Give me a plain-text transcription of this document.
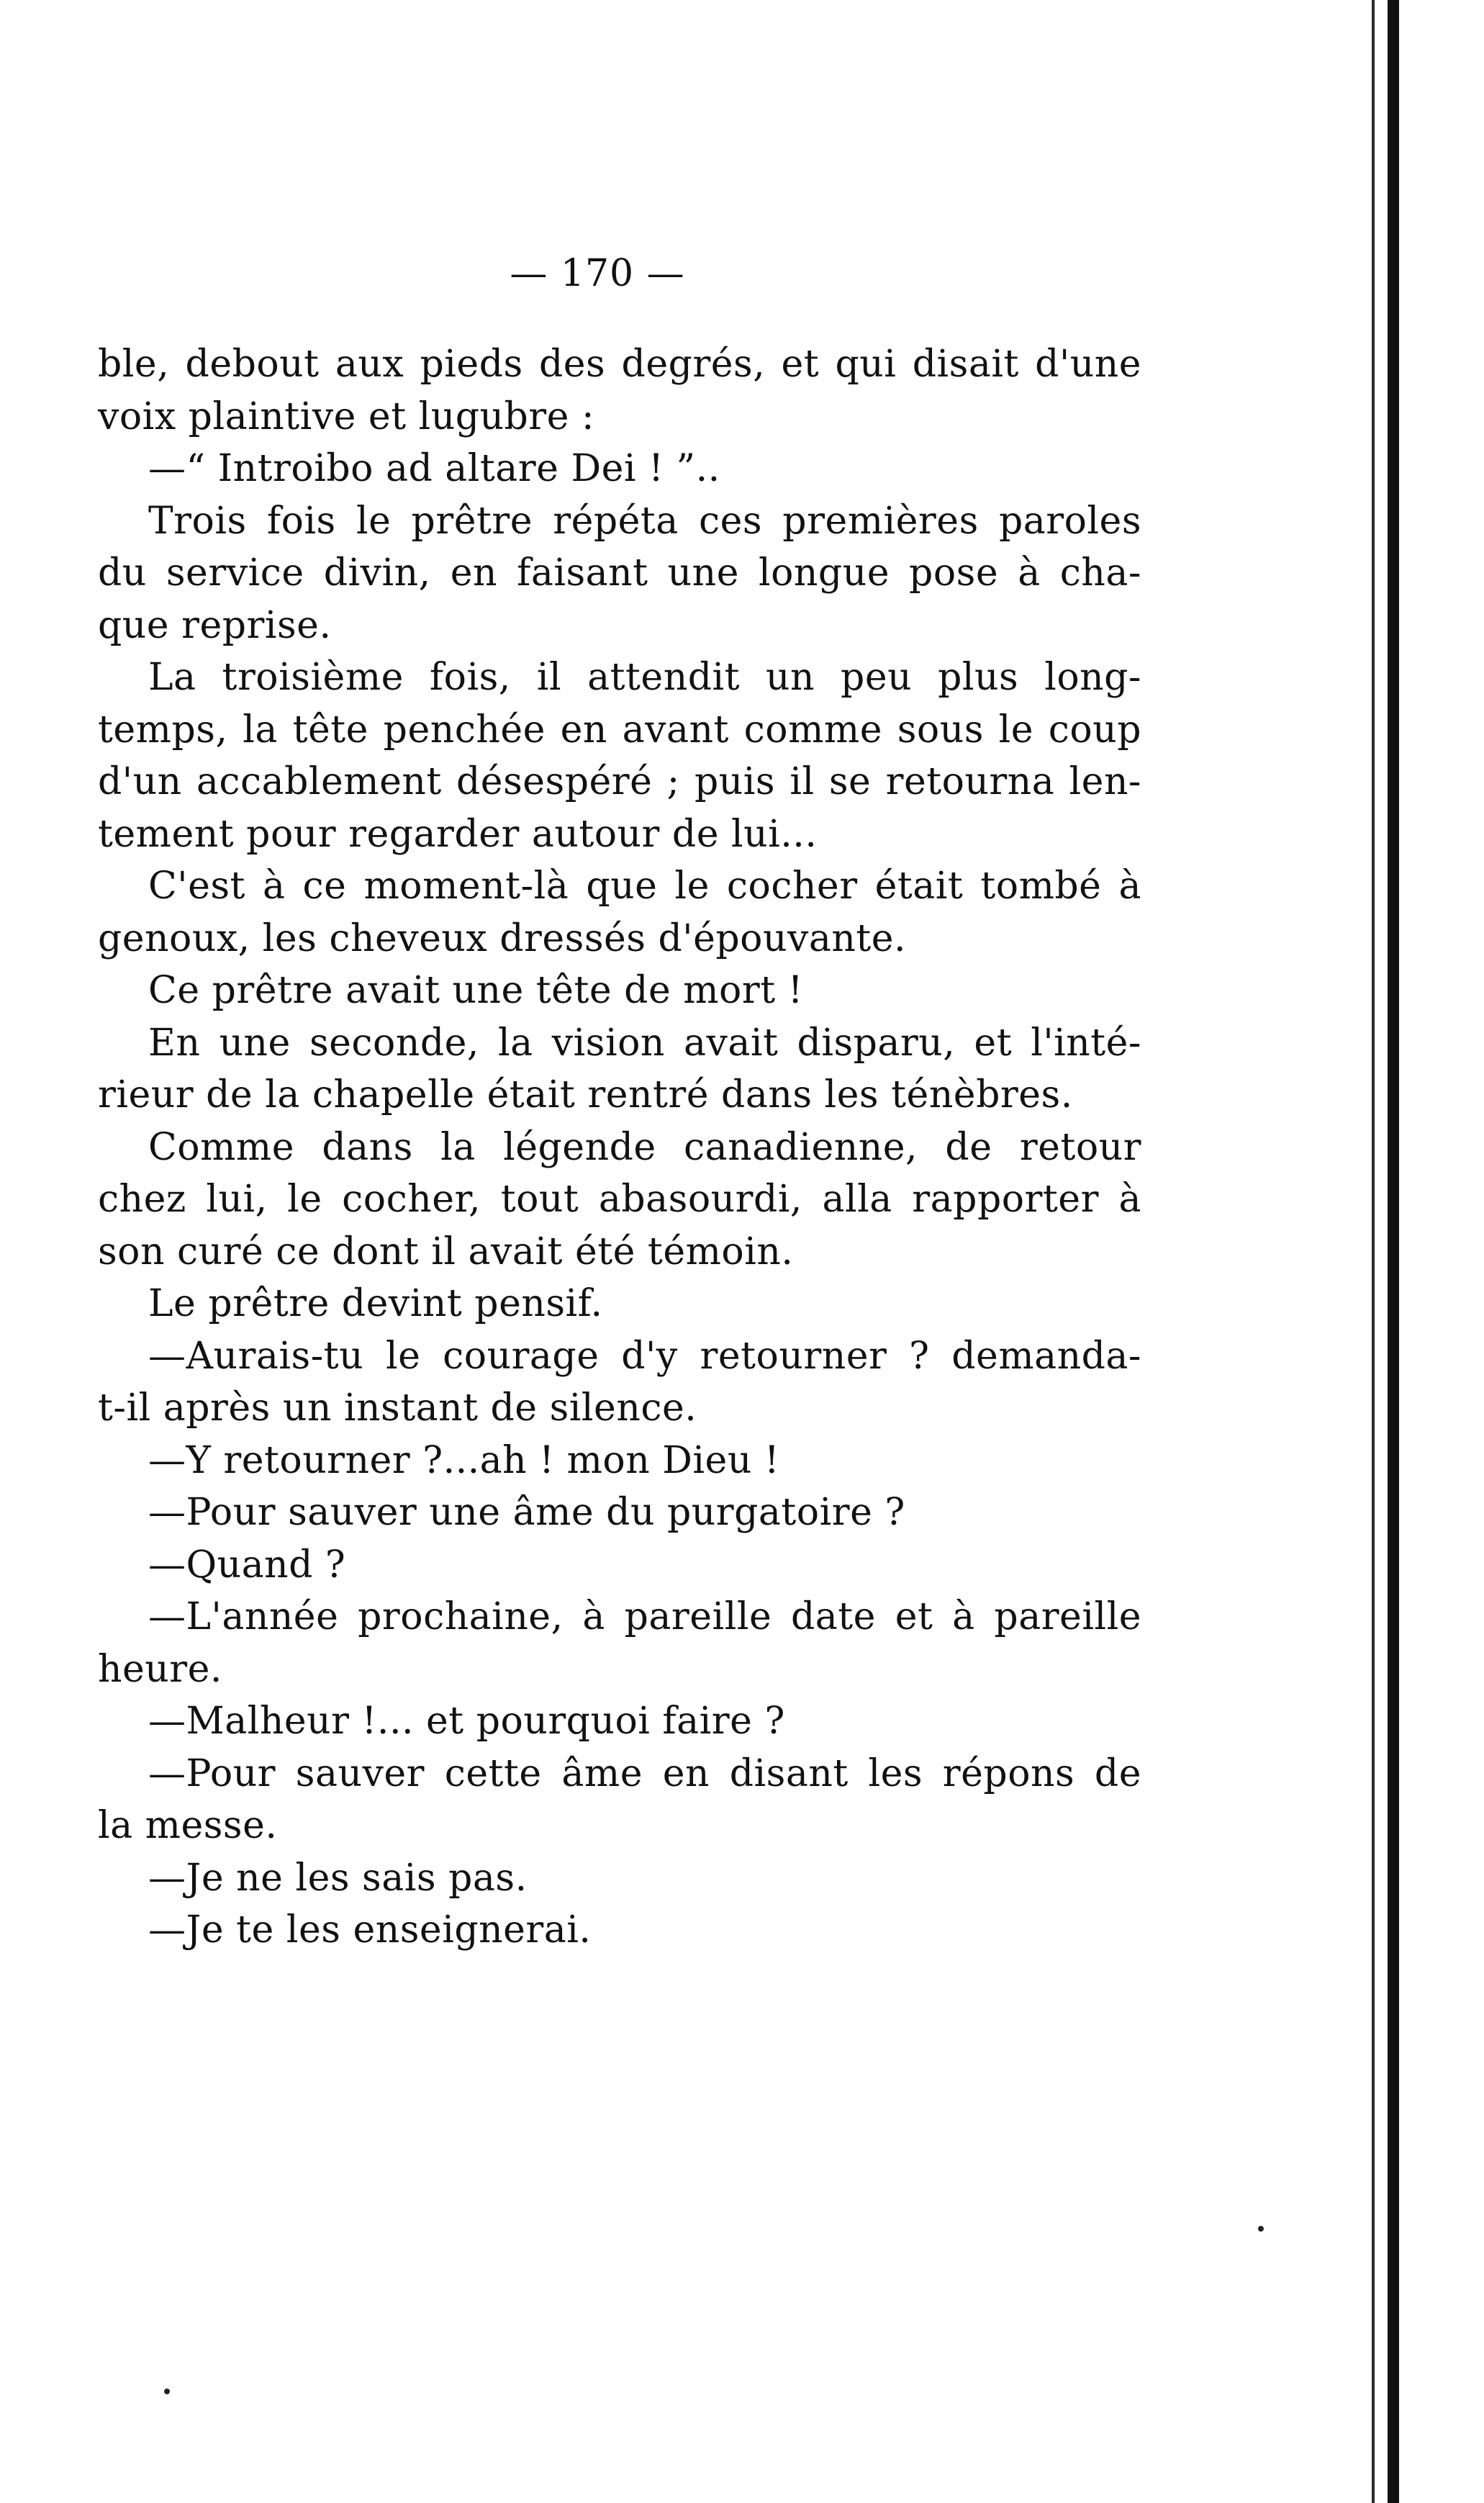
— 170 —
ble, debout aux pieds des degrés, et qui disait d'une
voix plaintive et lugubre :
—“ Introibo ad altare Dei ! ”..
Trois fois le prêtre répéta ces premières paroles
du service divin, en faisant une longue pose à cha-
que reprise.
La troisième fois, il attendit un peu plus long-
temps, la tête penchée en avant comme sous le coup
d'un accablement désespéré ; puis il se retourna len-
tement pour regarder autour de lui...
C'est à ce moment-là que le cocher était tombé à
genoux, les cheveux dressés d'épouvante.
Ce prêtre avait une tête de mort !
En une seconde, la vision avait disparu, et l'inté-
rieur de la chapelle était rentré dans les ténèbres.
Comme dans la légende canadienne, de retour
chez lui, le cocher, tout abasourdi, alla rapporter à
son curé ce dont il avait été témoin.
Le prêtre devint pensif.
—Aurais-tu le courage d'y retourner ? demanda-
t-il après un instant de silence.
—Y retourner ?...ah ! mon Dieu !
—Pour sauver une âme du purgatoire ?
—Quand ?
—L'année prochaine, à pareille date et à pareille
heure.
—Malheur !... et pourquoi faire ?
—Pour sauver cette âme en disant les répons de
la messe.
—Je ne les sais pas.
—Je te les enseignerai.
